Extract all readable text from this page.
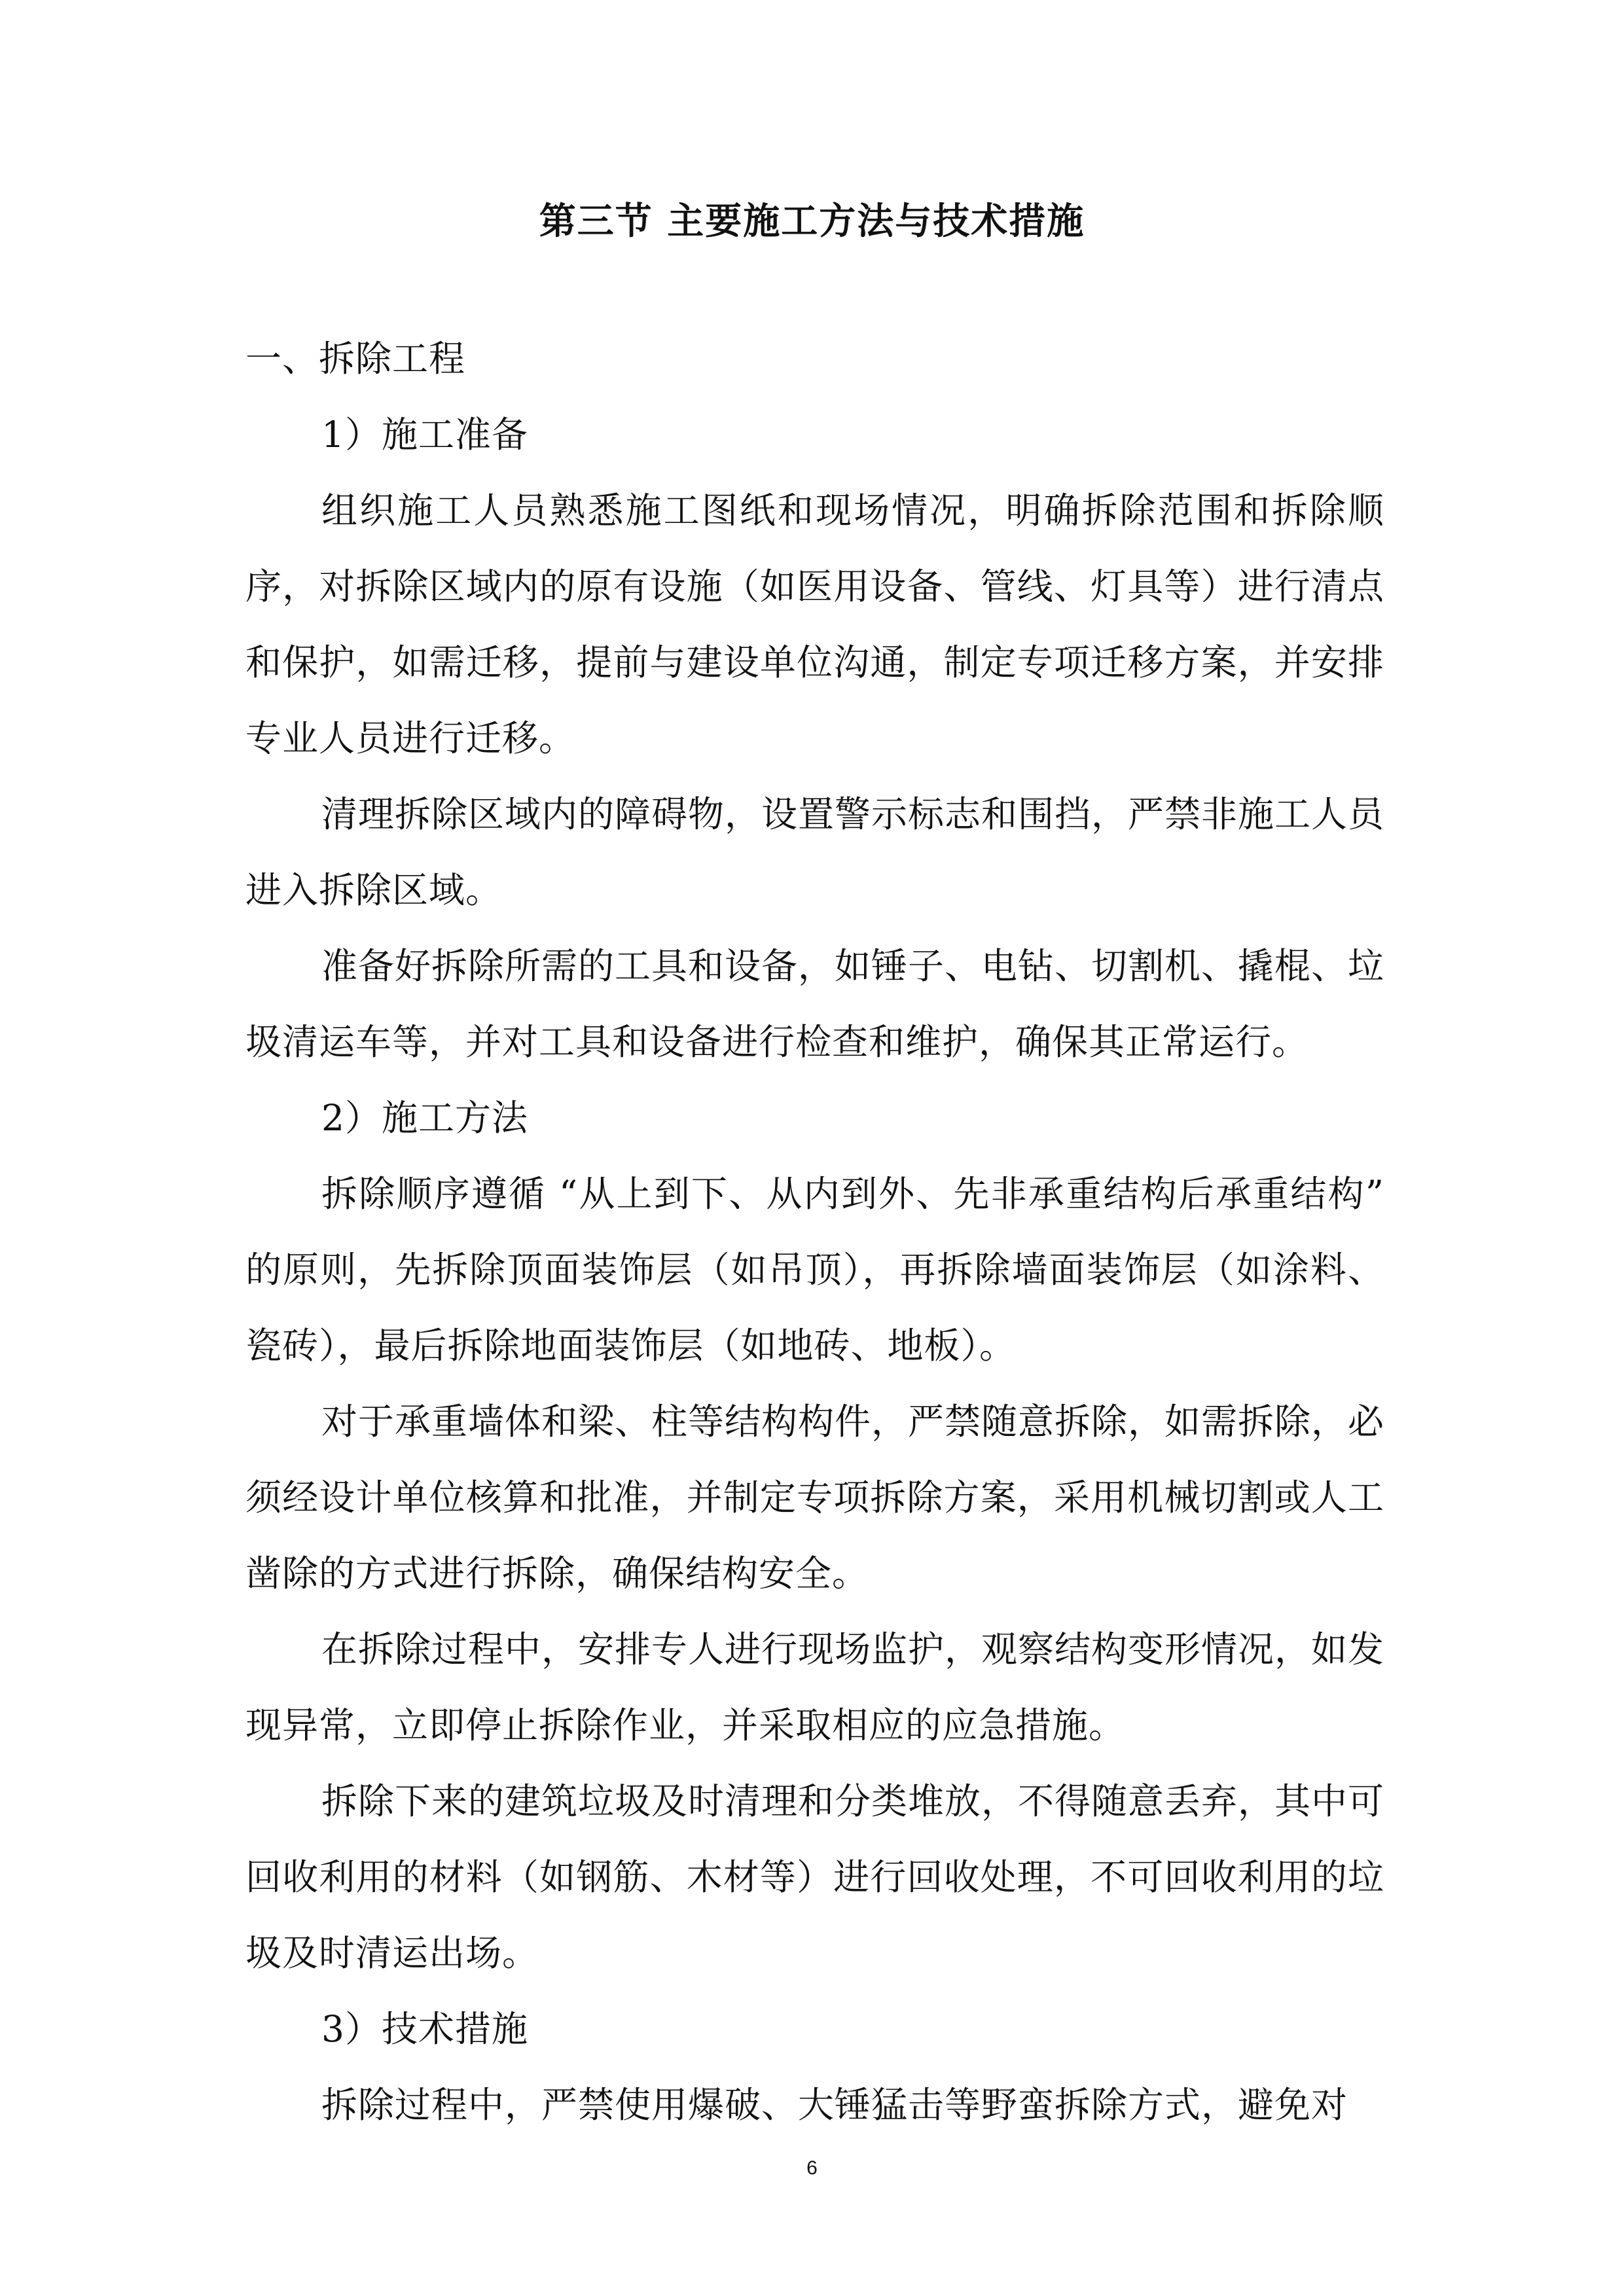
第三节 主要施工方法与技术措施

一、拆除工程

1）施工准备

组织施工人员熟悉施工图纸和现场情况，明确拆除范围和拆除顺序，对拆除区域内的原有设施（如医用设备、管线、灯具等）进行清点和保护，如需迁移，提前与建设单位沟通，制定专项迁移方案，并安排专业人员进行迁移。

清理拆除区域内的障碍物，设置警示标志和围挡，严禁非施工人员进入拆除区域。

准备好拆除所需的工具和设备，如锤子、电钻、切割机、撬棍、垃圾清运车等，并对工具和设备进行检查和维护，确保其正常运行。

2）施工方法

拆除顺序遵循 “从上到下、从内到外、先非承重结构后承重结构” 的原则，先拆除顶面装饰层（如吊顶），再拆除墙面装饰层（如涂料、瓷砖），最后拆除地面装饰层（如地砖、地板）。

对于承重墙体和梁、柱等结构构件，严禁随意拆除，如需拆除，必须经设计单位核算和批准，并制定专项拆除方案，采用机械切割或人工凿除的方式进行拆除，确保结构安全。

在拆除过程中，安排专人进行现场监护，观察结构变形情况，如发现异常，立即停止拆除作业，并采取相应的应急措施。

拆除下来的建筑垃圾及时清理和分类堆放，不得随意丢弃，其中可回收利用的材料（如钢筋、木材等）进行回收处理，不可回收利用的垃圾及时清运出场。

3）技术措施

拆除过程中，严禁使用爆破、大锤猛击等野蛮拆除方式，避免对

6
